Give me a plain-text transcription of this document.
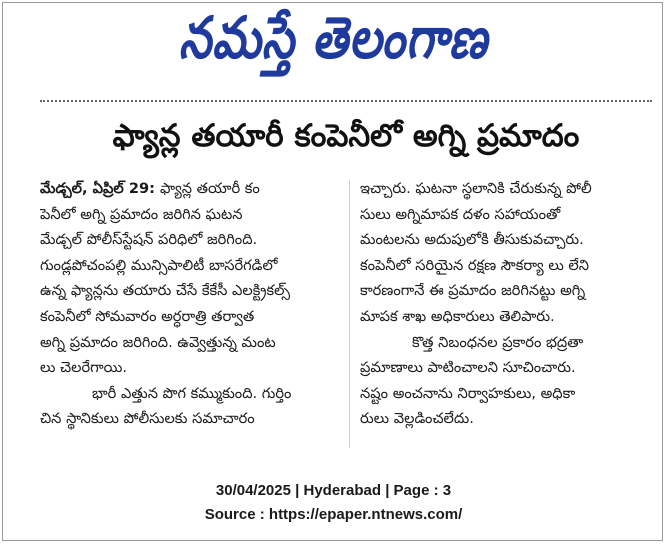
నమస్తే తెలంగాణ
ఫ్యాన్ల తయారీ కంపెనీలో అగ్ని ప్రమాదం
మేడ్చల్, ఏప్రిల్ 29: ఫ్యాన్ల తయారీ కం
పెనీలో అగ్ని ప్రమాదం జరిగిన ఘటన
మేడ్చల్ పోలీస్‌స్టేషన్ పరిధిలో జరిగింది.
గుండ్లపోచంపల్లి మున్సిపాలిటీ బాసరేగడిలో
ఉన్న ఫ్యాన్లను తయారు చేసే కేకేసీ ఎలక్ట్రికల్స్
కంపెనీలో సోమవారం అర్ధరాత్రి తర్వాత
అగ్ని ప్రమాదం జరిగింది. ఉవ్వెత్తున్న మంట
లు చెలరేగాయి.
భారీ ఎత్తున పొగ కమ్ముకుంది. గుర్తిం
చిన స్థానికులు పోలీసులకు సమాచారం
ఇచ్చారు. ఘటనా స్థలానికి చేరుకున్న పోలీ
సులు అగ్నిమాపక దళం సహాయంతో
మంటలను అదుపులోకి తీసుకువచ్చారు.
కంపెనీలో సరియైన రక్షణ సౌకర్యా లు లేని
కారణంగానే ఈ ప్రమాదం జరిగినట్టు అగ్ని
మాపక శాఖ అధికారులు తెలిపారు.
కొత్త నిబంధనల ప్రకారం భద్రతా
ప్రమాణాలు పాటించాలని సూచించారు.
నష్టం అంచనాను నిర్వాహకులు, అధికా
రులు వెల్లడించలేదు.
30/04/2025 | Hyderabad | Page : 3
Source : https://epaper.ntnews.com/
